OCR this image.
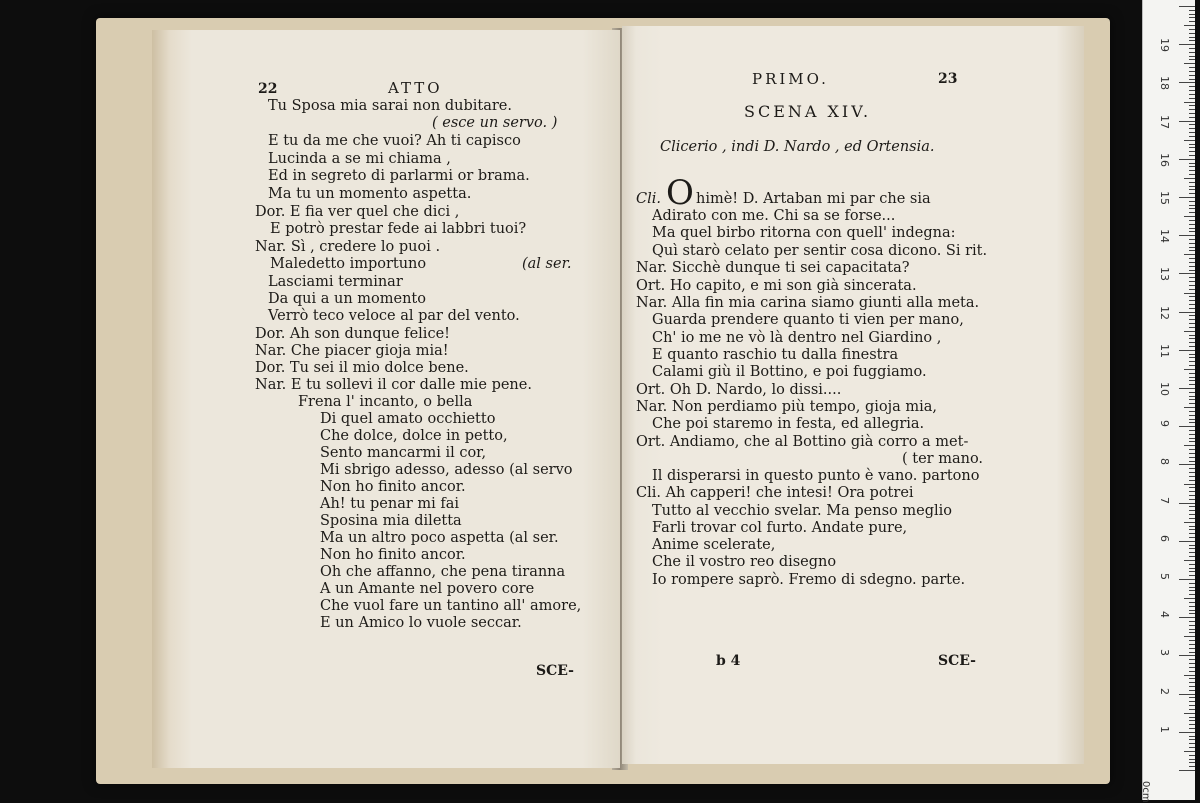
22	ATTO
Tu Sposa mia sarai non dubitare.
( esce un servo. )
E tu da me che vuoi? Ah ti capisco
Lucinda a se mi chiama ,
Ed in segreto di parlarmi or brama.
Ma tu un momento aspetta.
Dor. E fia ver quel che dici ,
E potrò prestar fede ai labbri tuoi?
Nar. Sì , credere lo puoi .
Maledetto importuno	(al ser.
Lasciami terminar
Da qui a un momento
Verrò teco veloce al par del vento.
Dor. Ah son dunque felice!
Nar. Che piacer gioja mia!
Dor. Tu sei il mio dolce bene.
Nar. E tu sollevi il cor dalle mie pene.
Frena l' incanto, o bella
Di quel amato occhietto
Che dolce, dolce in petto,
Sento mancarmi il cor,
Mi sbrigo adesso, adesso (al servo
Non ho finito ancor.
Ah! tu penar mi fai
Sposina mia diletta
Ma un altro poco aspetta (al ser.
Non ho finito ancor.
Oh che affanno, che pena tiranna
A un Amante nel povero core
Che vuol fare un tantino all' amore,
E un Amico lo vuole seccar.
SCE-
PRIMO.	23
SCENA XIV.
Clicerio , indi D. Nardo , ed Ortensia.
Cli. O himè! D. Artaban mi par che sia
Adirato con me. Chi sa se forse...
Ma quel birbo ritorna con quell' indegna:
Quì starò celato per sentir cosa dicono. Si rit.
Nar. Sicchè dunque ti sei capacitata?
Ort. Ho capito, e mi son già sincerata.
Nar. Alla fin mia carina siamo giunti alla meta.
Guarda prendere quanto ti vien per mano,
Ch' io me ne vò là dentro nel Giardino ,
E quanto raschio tu dalla finestra
Calami giù il Bottino, e poi fuggiamo.
Ort. Oh D. Nardo, lo dissi....
Nar. Non perdiamo più tempo, gioja mia,
Che poi staremo in festa, ed allegria.
Ort. Andiamo, che al Bottino già corro a met-
( ter mano.
Il disperarsi in questo punto è vano. partono
Cli. Ah capperi! che intesi! Ora potrei
Tutto al vecchio svelar. Ma penso meglio
Farli trovar col furto. Andate pure,
Anime scelerate,
Che il vostro reo disegno
Io rompere saprò. Fremo di sdegno. parte.
b 4	SCE-
0cm
19
18
17
16
15
14
13
12
11
10
9
8
7
6
5
4
3
2
1
